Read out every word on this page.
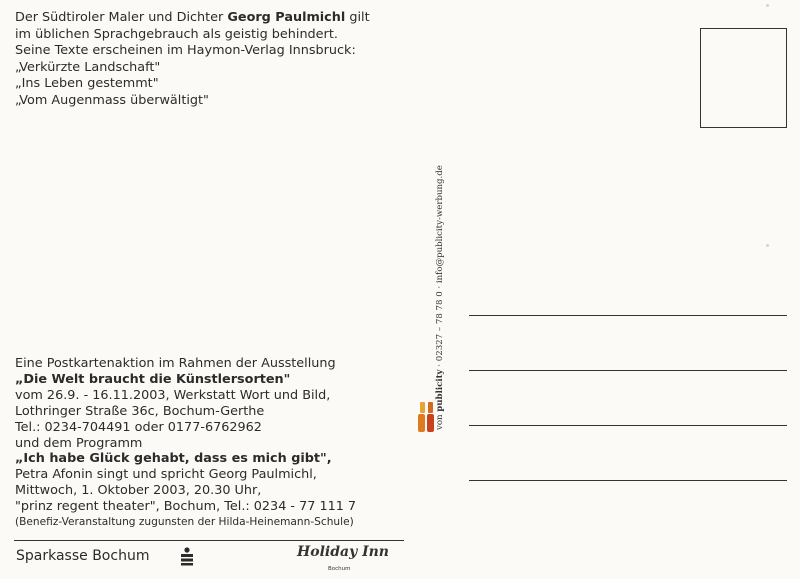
Der Südtiroler Maler und Dichter Georg Paulmichl gilt

im üblichen Sprachgebrauch als geistig behindert.

Seine Texte erscheinen im Haymon-Verlag Innsbruck:

„Verkürzte Landschaft"

„Ins Leben gestemmt"

„Vom Augenmass überwältigt"

von publicity · 02327 – 78 78 0 · info@publicity-werbung.de

Eine Postkartenaktion im Rahmen der Ausstellung

„Die Welt braucht die Künstlersorten"

vom 26.9. - 16.11.2003, Werkstatt Wort und Bild,

Lothringer Straße 36c, Bochum-Gerthe

Tel.: 0234-704491 oder 0177-6762962

und dem Programm

„Ich habe Glück gehabt, dass es mich gibt",

Petra Afonin singt und spricht Georg Paulmichl,

Mittwoch, 1. Oktober 2003, 20.30 Uhr,

"prinz regent theater", Bochum, Tel.: 0234 - 77 111 7

(Benefiz-Veranstaltung zugunsten der Hilda-Heinemann-Schule)

Sparkasse Bochum	Holiday Inn
Bochum
